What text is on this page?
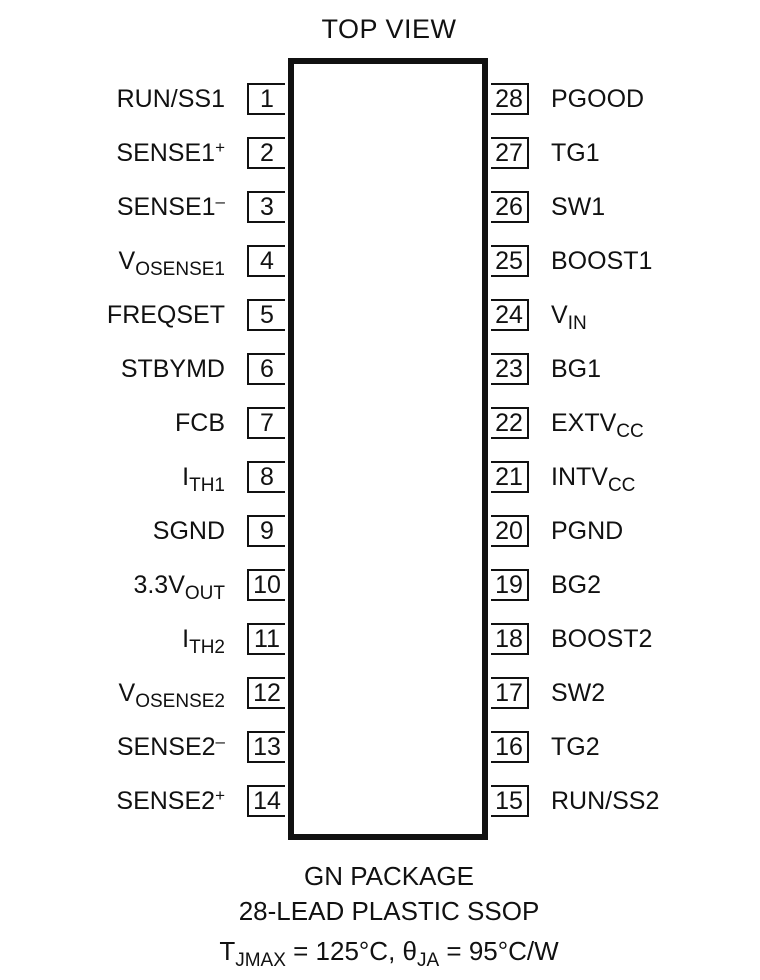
TOP VIEW
1
RUN/SS1
2
SENSE1+
3
SENSE1–
4
$V_{OSENSE1}$
5
FREQSET
6
STBYMD
7
FCB
8
$I_{TH1}$
9
SGND
10
$3.3V_{OUT}$
11
$I_{TH2}$
12
$V_{OSENSE2}$
13
SENSE2–
14
SENSE2+
28 PGOOD
27 TG1
26 SW1
25 BOOST1
24 $V_{IN}$
23 BG1
22 $EXTV_{CC}$
21 $INTV_{CC}$
20 PGND
19 BG2
18 BOOST2
17 SW2
16 TG2
15 RUN/SS2
GN PACKAGE
28-LEAD PLASTIC SSOP
$T_{JMAX} = 125^\circ C$, $\theta_{JA} = 95^\circ C/W$
